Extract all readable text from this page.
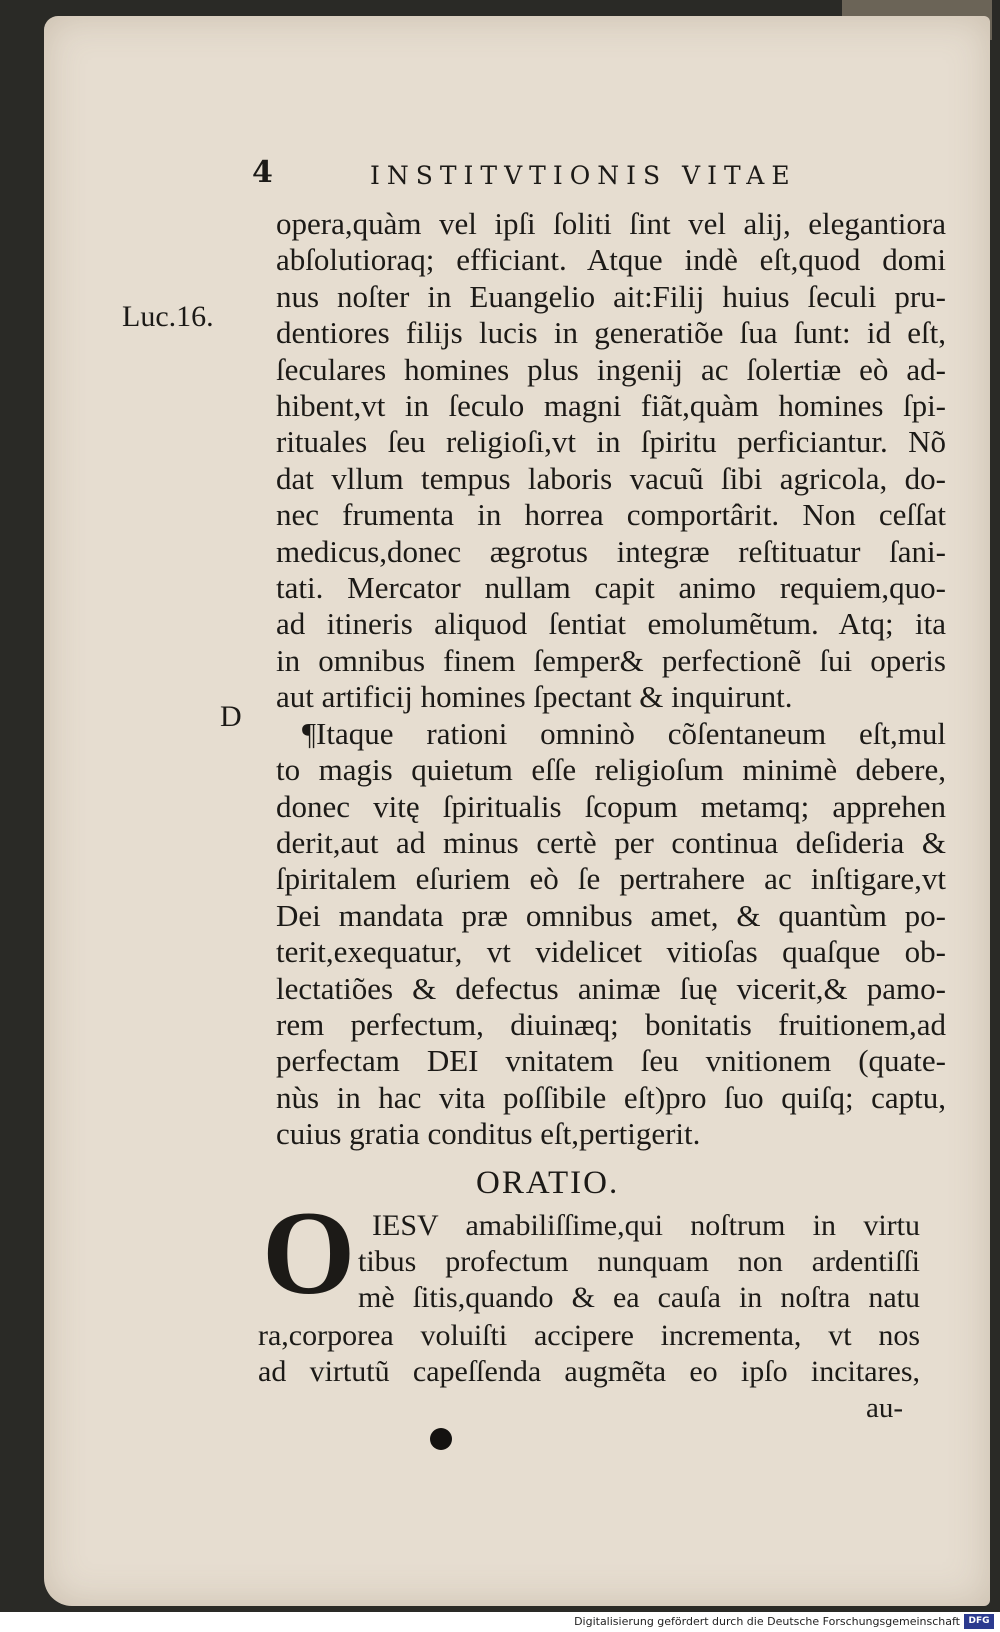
4	INSTITVTIONIS VITAE
Luc.16.
D
opera,quàm vel ipſi ſoliti ſint vel alij, elegantiora
abſolutioraq; efficiant. Atque indè eſt,quod domi
nus noſter in Euangelio ait:Filij huius ſeculi pru-
dentiores filijs lucis in generatiõe ſua ſunt: id eſt,
ſeculares homines plus ingenij ac ſolertiæ eò ad-
hibent,vt in ſeculo magni fiãt,quàm homines ſpi-
rituales ſeu religioſi,vt in ſpiritu perficiantur. Nõ
dat vllum tempus laboris vacuũ ſibi agricola, do-
nec frumenta in horrea comportârit. Non ceſſat
medicus,donec ægrotus integræ reſtituatur ſani-
tati. Mercator nullam capit animo requiem,quo-
ad itineris aliquod ſentiat emolumẽtum. Atq; ita
in omnibus finem ſemper& perfectionẽ ſui operis
aut artificij homines ſpectant & inquirunt.
¶Itaque rationi omninò cõſentaneum eſt,mul
to magis quietum eſſe religioſum minimè debere,
donec vitę ſpiritualis ſcopum metamq; apprehen
derit,aut ad minus certè per continua deſideria &
ſpiritalem eſuriem eò ſe pertrahere ac inſtigare,vt
Dei mandata præ omnibus amet, & quantùm po-
terit,exequatur, vt videlicet vitioſas quaſque ob-
lectatiões & defectus animæ ſuę vicerit,& pamo-
rem perfectum, diuinæq; bonitatis fruitionem,ad
perfectam DEI vnitatem ſeu vnitionem (quate-
nùs in hac vita poſſibile eſt)pro ſuo quiſq; captu,
cuius gratia conditus eſt,pertigerit.
ORATIO.
O IESV amabiliſſime,qui noſtrum in virtu
tibus profectum nunquam non ardentiſſi
mè ſitis,quando & ea cauſa in noſtra natu
ra,corporea voluiſti accipere incrementa, vt nos
ad virtutũ capeſſenda augmẽta eo ipſo incitares,
au-
Digitalisierung gefördert durch die Deutsche Forschungsgemeinschaft DFG
